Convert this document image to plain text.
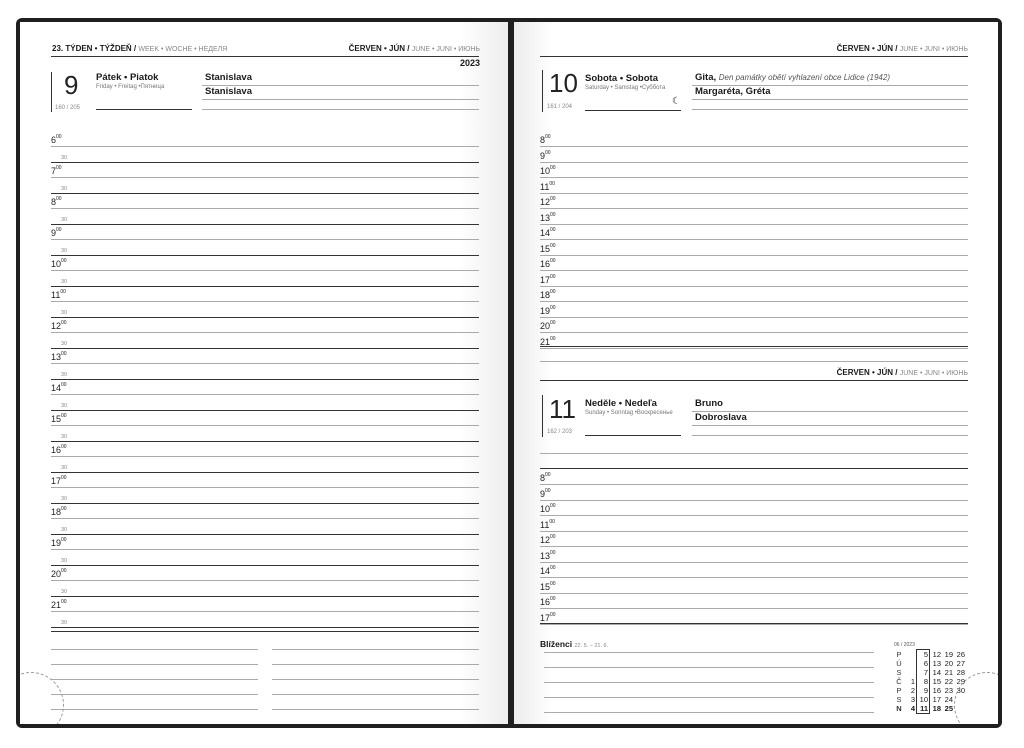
23. TÝDEN • TÝŽDEŇ / WEEK • WOCHE • НЕДЕЛЯ	ČERVEN • JÚN / JUNE • JUNI • ИЮНЬ
2023
9
160 / 205
Pátek • Piatok
Friday • Freitag •Пятница
Stanislava
Stanislava
$6^{00}$
30
$7^{00}$
30
$8^{00}$
30
$9^{00}$
30
$10^{00}$
30
$11^{00}$
30
$12^{00}$
30
$13^{00}$
30
$14^{00}$
30
$15^{00}$
30
$16^{00}$
30
$17^{00}$
30
$18^{00}$
30
$19^{00}$
30
$20^{00}$
30
$21^{00}$
30
ČERVEN • JÚN / JUNE • JUNI • ИЮНЬ
10
161 / 204
Sobota • Sobota
Saturday • Samstag •Суббота
☾
Gita, Den památky obětí vyhlazení obce Lidice (1942)
Margaréta, Gréta
$8^{00}$
$9^{00}$
$10^{00}$
$11^{00}$
$12^{00}$
$13^{00}$
$14^{00}$
$15^{00}$
$16^{00}$
$17^{00}$
$18^{00}$
$19^{00}$
$20^{00}$
$21^{00}$
ČERVEN • JÚN / JUNE • JUNI • ИЮНЬ
11
162 / 203
Neděle • Nedeľa
Sunday • Sonntag •Воскресенье
Bruno
Dobroslava
$8^{00}$
$9^{00}$
$10^{00}$
$11^{00}$
$12^{00}$
$13^{00}$
$14^{00}$
$15^{00}$
$16^{00}$
$17^{00}$
Blíženci 22. 5. – 21. 6.	06 / 2023
P		5	12	19	26
Ú		6	13	20	27
S		7	14	21	28
Č	1	8	15	22	29
P	2	9	16	23	30
S	3	10	17	24	
N	4	11	18	25	
